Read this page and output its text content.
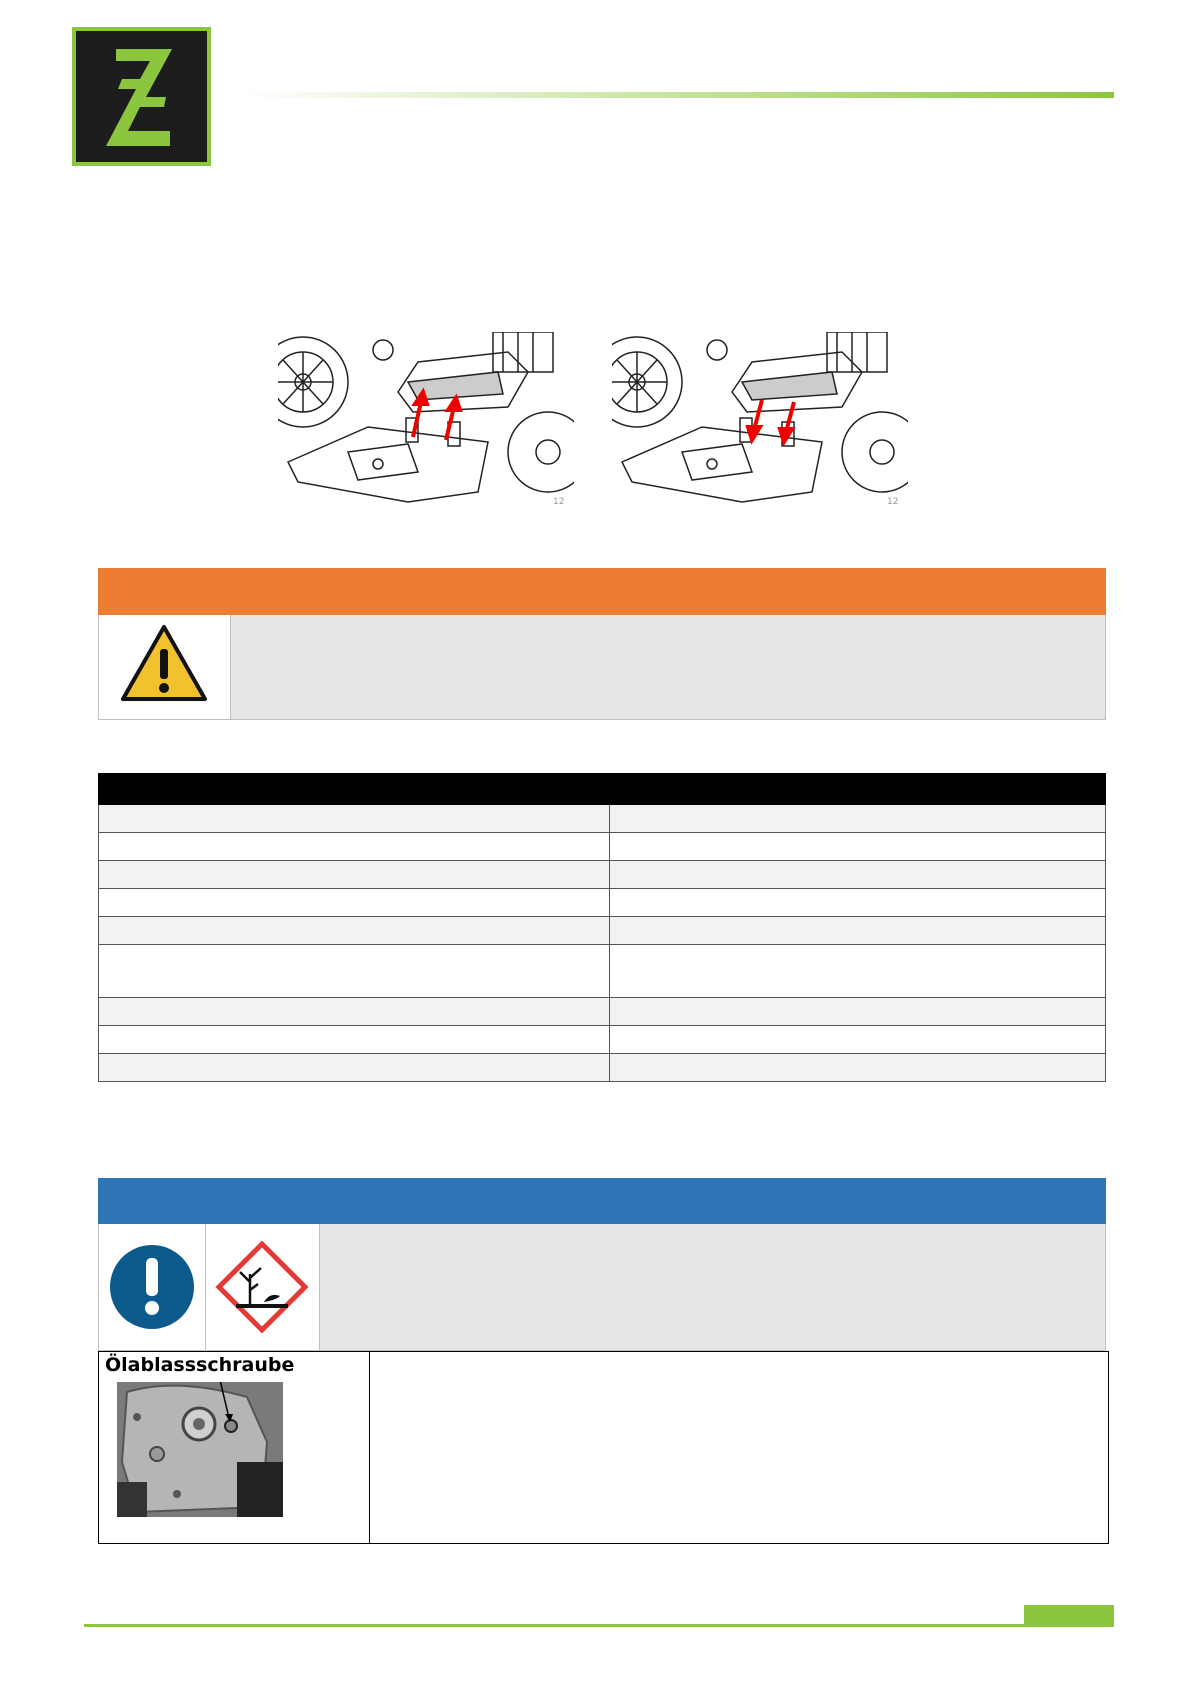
12	12

Ölablassschraube
